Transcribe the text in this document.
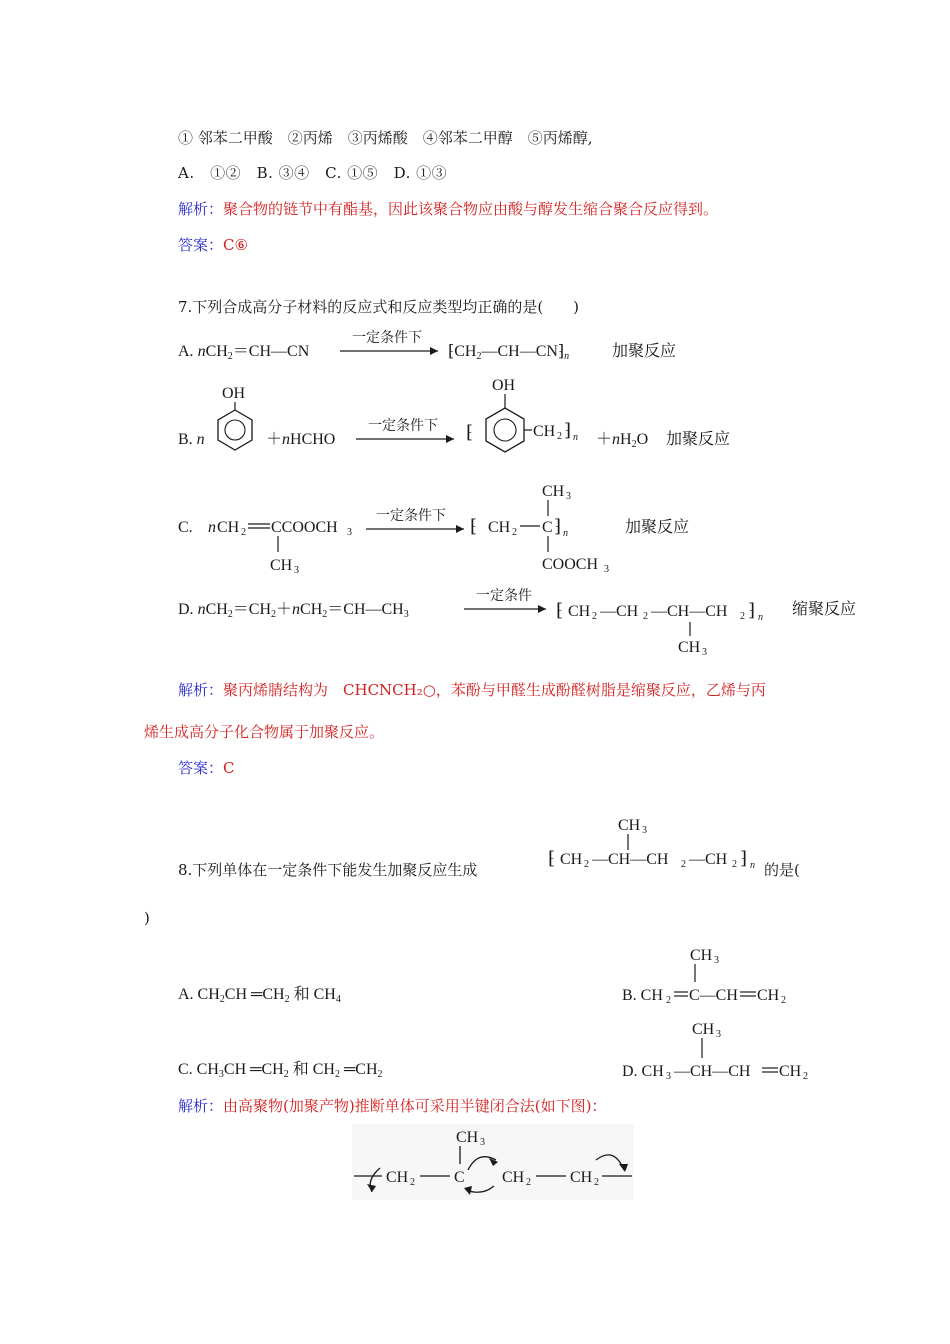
① 邻苯二甲酸　②丙烯　③丙烯酸　④邻苯二甲醇　⑤丙烯醇,
A.　①②　B. ③④　C. ①⑤　D. ①③
解析：聚合物的链节中有酯基，因此该聚合物应由酸与醇发生缩合聚合反应得到。
答案：C⑥
7.下列合成高分子材料的反应式和反应类型均正确的是(　　)
A. nCH$_2$＝CH—CN
一定条件下
$⁅CH_2—CH—CN⁆_n$	加聚反应
B. n
OH
＋nHCHO
一定条件下 ⁅
OH
CH 2 ⁆ $n +nH_2O$ 加聚反应
C. n CH 2 CCOOCH 3
CH 3
一定条件下 ⁅ CH 2
CH 3
C ⁆ n
COOCH 3
加聚反应
D. $nCH_2=CH_2+nCH_2=CH—CH_3$
一定条件
⁅ CH 2 —CH 2 —CH—CH 2 ⁆ n
CH 3
缩聚反应
解析：聚丙烯腈结构为　CHCNCH₂○，苯酚与甲醛生成酚醛树脂是缩聚反应，乙烯与丙
烯生成高分子化合物属于加聚反应。
答案：C
8.下列单体在一定条件下能发生加聚反应生成
⁅ CH 2 —CH—CH 2 —CH 2 ⁆ n
CH 3
的是(
)
A. $CH_2CH$ $═CH_2$ 和 $CH_4$	B. CH 2 C—CH CH 2
CH 3
C. $CH_3CH$ $═CH_2$ 和 $CH_2$ $═CH_2$	D. CH 3 —CH—CH CH 2
CH 3
解析：由高聚物(加聚产物)推断单体可采用半键闭合法(如下图)：
CH 2 C
CH 3
CH 2 CH 2
